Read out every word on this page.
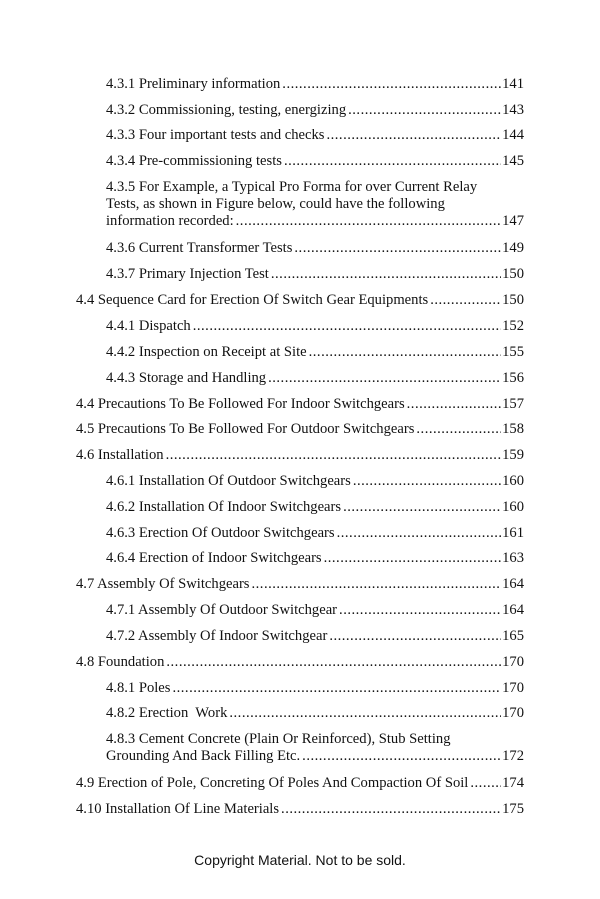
4.3.1 Preliminary information .....	141
4.3.2 Commissioning, testing, energizing .....	143
4.3.3 Four important tests and checks .....	144
4.3.4 Pre-commissioning tests .....	145
4.3.5 For Example, a Typical Pro Forma for over Current Relay
Tests, as shown in Figure below, could have the following
information recorded: .....	147
4.3.6 Current Transformer Tests .....	149
4.3.7 Primary Injection Test .....	150
4.4 Sequence Card for Erection Of Switch Gear Equipments .....	150
4.4.1 Dispatch .....	152
4.4.2 Inspection on Receipt at Site .....	155
4.4.3 Storage and Handling .....	156
4.4 Precautions To Be Followed For Indoor Switchgears .....	157
4.5 Precautions To Be Followed For Outdoor Switchgears .....	158
4.6 Installation .....	159
4.6.1 Installation Of Outdoor Switchgears .....	160
4.6.2 Installation Of Indoor Switchgears .....	160
4.6.3 Erection Of Outdoor Switchgears .....	161
4.6.4 Erection of Indoor Switchgears .....	163
4.7 Assembly Of Switchgears .....	164
4.7.1 Assembly Of Outdoor Switchgear .....	164
4.7.2 Assembly Of Indoor Switchgear .....	165
4.8 Foundation .....	170
4.8.1 Poles .....	170
4.8.2 Erection  Work .....	170
4.8.3 Cement Concrete (Plain Or Reinforced), Stub Setting
Grounding And Back Filling Etc. .....	172
4.9 Erection of Pole, Concreting Of Poles And Compaction Of Soil ..... 174
4.10 Installation Of Line Materials .....	175
Copyright Material. Not to be sold.
